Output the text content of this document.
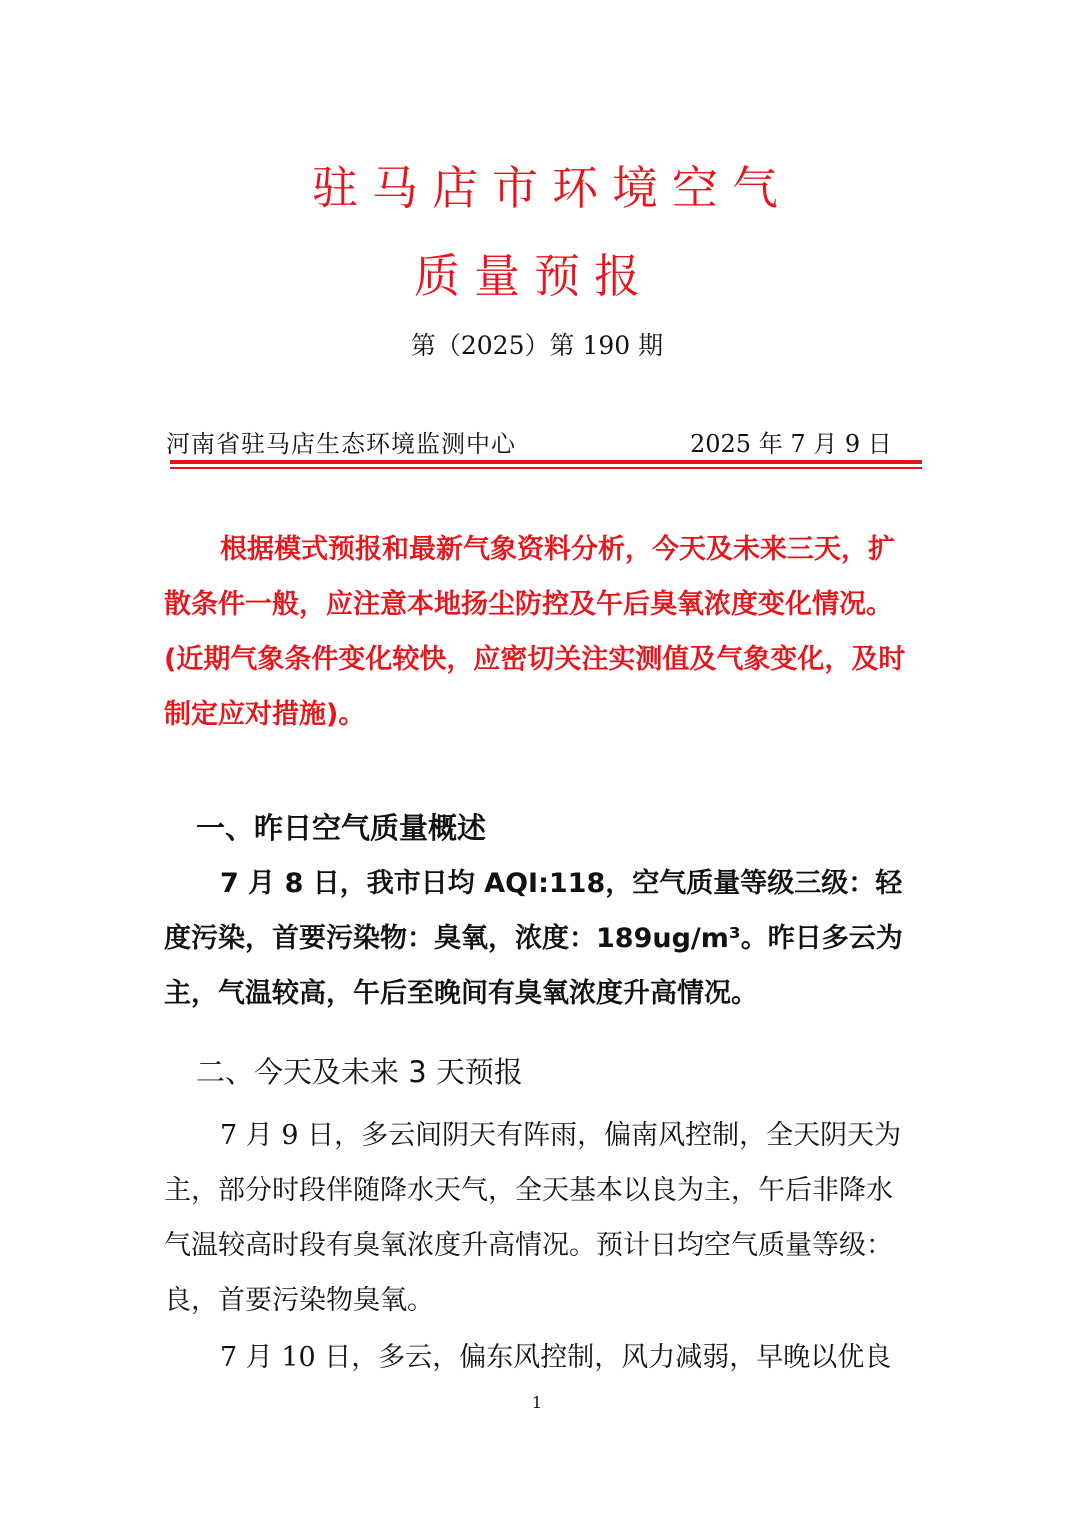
驻马店市环境空气
质量预报
第（2025）第 190 期
河南省驻马店生态环境监测中心	2025 年 7 月 9 日

根据模式预报和最新气象资料分析，今天及未来三天，扩散条件一般，应注意本地扬尘防控及午后臭氧浓度变化情况。(近期气象条件变化较快，应密切关注实测值及气象变化，及时制定应对措施)。

一、昨日空气质量概述

7 月 8 日，我市日均 AQI:118，空气质量等级三级：轻度污染，首要污染物：臭氧，浓度：189ug/m³。昨日多云为主，气温较高，午后至晚间有臭氧浓度升高情况。

二、今天及未来 3 天预报

7 月 9 日，多云间阴天有阵雨，偏南风控制，全天阴天为主，部分时段伴随降水天气，全天基本以良为主，午后非降水气温较高时段有臭氧浓度升高情况。预计日均空气质量等级：良，首要污染物臭氧。

7 月 10 日，多云，偏东风控制，风力减弱，早晚以优良

1
